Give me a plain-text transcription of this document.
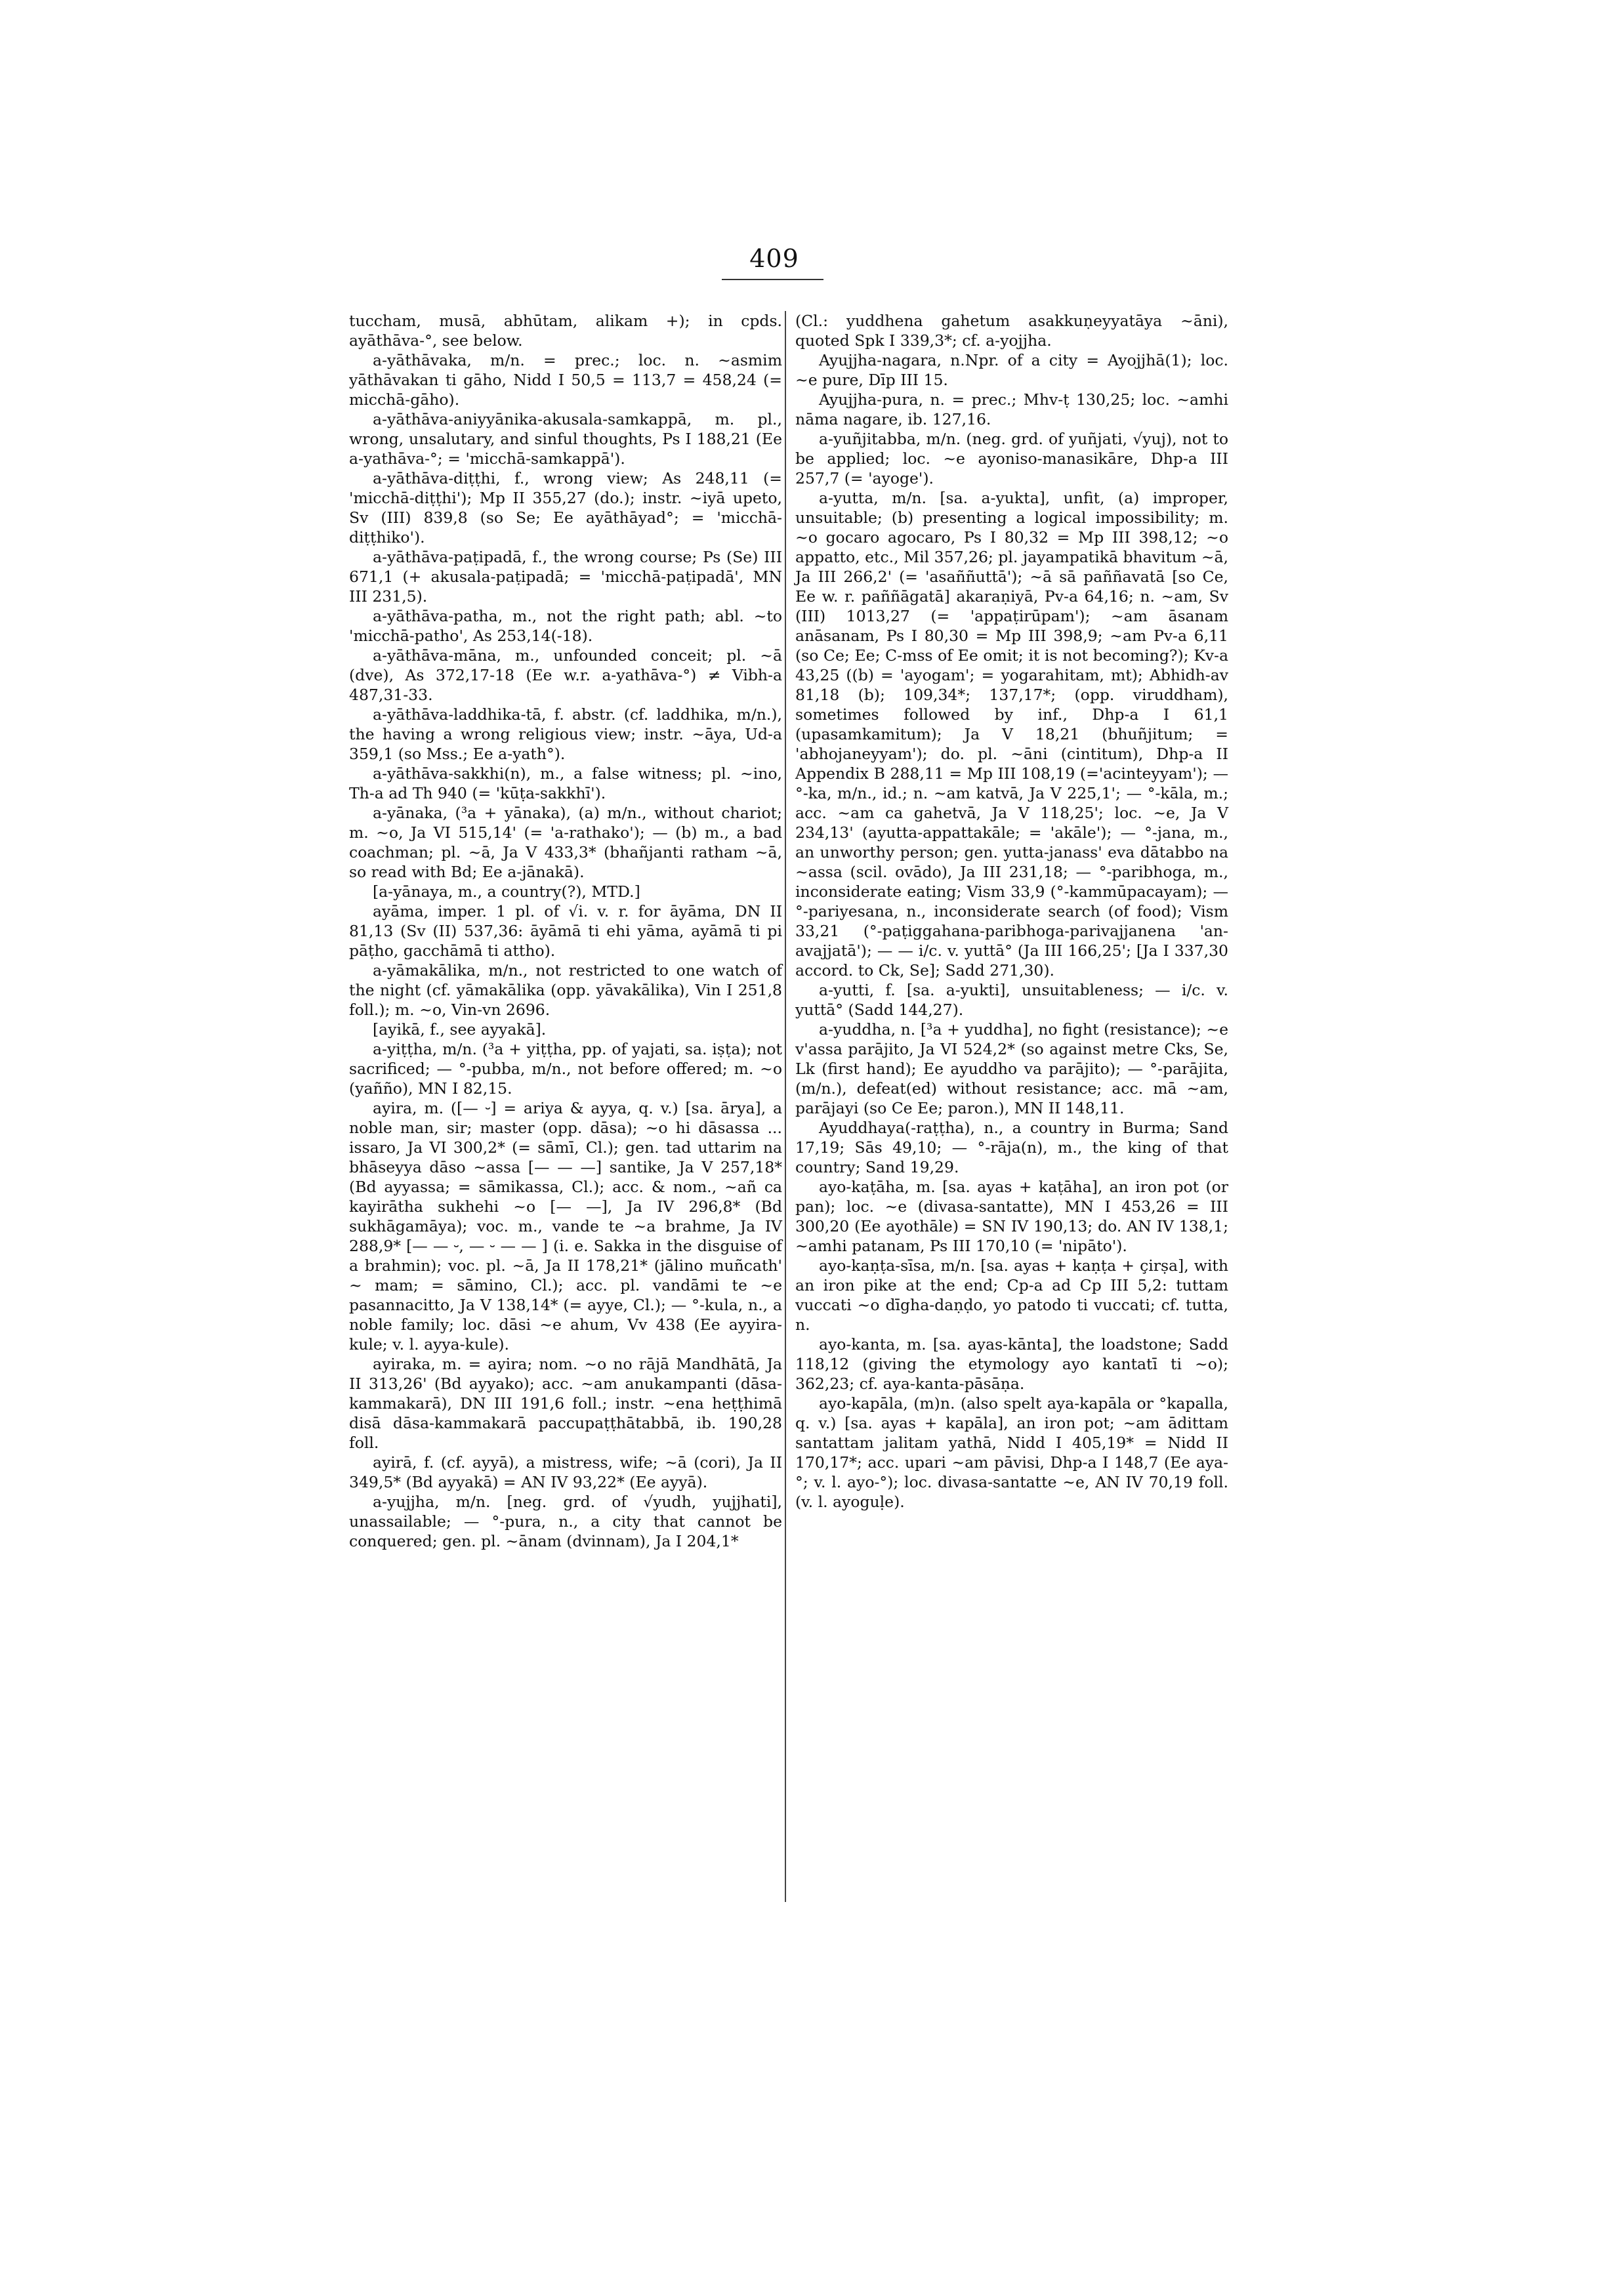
409

tuccham, musā, abhūtam, alikam +); in cpds. ayāthāva-°, see below.

a-yāthāvaka, m/n. = prec.; loc. n. ~asmim yāthāvakan ti gāho, Nidd I 50,5 = 113,7 = 458,24 (= micchā-gāho).

a-yāthāva-aniyyānika-akusala-samkappā, m. pl., wrong, unsalutary, and sinful thoughts, Ps I 188,21 (Ee a-yathāva-°; = 'micchā-samkappā').

a-yāthāva-diṭṭhi, f., wrong view; As 248,11 (= 'micchā-diṭṭhi'); Mp II 355,27 (do.); instr. ~iyā upeto, Sv (III) 839,8 (so Se; Ee ayāthāyad°; = 'micchā-diṭṭhiko').

a-yāthāva-paṭipadā, f., the wrong course; Ps (Se) III 671,1 (+ akusala-paṭipadā; = 'micchā-paṭipadā', MN III 231,5).

a-yāthāva-patha, m., not the right path; abl. ~to 'micchā-patho', As 253,14(-18).

a-yāthāva-māna, m., unfounded conceit; pl. ~ā (dve), As 372,17-18 (Ee w.r. a-yathāva-°) ≠ Vibh-a 487,31-33.

a-yāthāva-laddhika-tā, f. abstr. (cf. laddhika, m/n.), the having a wrong religious view; instr. ~āya, Ud-a 359,1 (so Mss.; Ee a-yath°).

a-yāthāva-sakkhi(n), m., a false witness; pl. ~ino, Th-a ad Th 940 (= 'kūṭa-sakkhī').

a-yānaka, (³a + yānaka), (a) m/n., without chariot; m. ~o, Ja VI 515,14' (= 'a-rathako'); — (b) m., a bad coachman; pl. ~ā, Ja V 433,3* (bhañjanti ratham ~ā, so read with Bd; Ee a-jānakā).

[a-yānaya, m., a country(?), MTD.]

ayāma, imper. 1 pl. of √i. v. r. for āyāma, DN II 81,13 (Sv (II) 537,36: āyāmā ti ehi yāma, ayāmā ti pi pāṭho, gacchāmā ti attho).

a-yāmakālika, m/n., not restricted to one watch of the night (cf. yāmakālika (opp. yāvakālika), Vin I 251,8 foll.); m. ~o, Vin-vn 2696.

[ayikā, f., see ayyakā].

a-yiṭṭha, m/n. (³a + yiṭṭha, pp. of yajati, sa. iṣṭa); not sacrificed; — °-pubba, m/n., not before offered; m. ~o (yañño), MN I 82,15.

ayira, m. ([— ⏑] = ariya & ayya, q. v.) [sa. ārya], a noble man, sir; master (opp. dāsa); ~o hi dāsassa ... issaro, Ja VI 300,2* (= sāmī, Cl.); gen. tad uttarim na bhāseyya dāso ~assa [— — —] santike, Ja V 257,18* (Bd ayyassa; = sāmikassa, Cl.); acc. & nom., ~añ ca kayirātha sukhehi ~o [— —], Ja IV 296,8* (Bd sukhāgamāya); voc. m., vande te ~a brahme, Ja IV 288,9* [— — ⏑, — ⏑ — — ] (i. e. Sakka in the disguise of a brahmin); voc. pl. ~ā, Ja II 178,21* (jālino muñcath' ~ mam; = sāmino, Cl.); acc. pl. vandāmi te ~e pasannacitto, Ja V 138,14* (= ayye, Cl.); — °-kula, n., a noble family; loc. dāsi ~e ahum, Vv 438 (Ee ayyira-kule; v. l. ayya-kule).

ayiraka, m. = ayira; nom. ~o no rājā Mandhātā, Ja II 313,26' (Bd ayyako); acc. ~am anukampanti (dāsa-kammakarā), DN III 191,6 foll.; instr. ~ena heṭṭhimā disā dāsa-kammakarā paccupaṭṭhātabbā, ib. 190,28 foll.

ayirā, f. (cf. ayyā), a mistress, wife; ~ā (cori), Ja II 349,5* (Bd ayyakā) = AN IV 93,22* (Ee ayyā).

a-yujjha, m/n. [neg. grd. of √yudh, yujjhati], unassailable; — °-pura, n., a city that cannot be conquered; gen. pl. ~ānam (dvinnam), Ja I 204,1*

(Cl.: yuddhena gahetum asakkuṇeyyatāya ~āni), quoted Spk I 339,3*; cf. a-yojjha.

Ayujjha-nagara, n.Npr. of a city = Ayojjhā(1); loc. ~e pure, Dīp III 15.

Ayujjha-pura, n. = prec.; Mhv-ṭ 130,25; loc. ~amhi nāma nagare, ib. 127,16.

a-yuñjitabba, m/n. (neg. grd. of yuñjati, √yuj), not to be applied; loc. ~e ayoniso-manasikāre, Dhp-a III 257,7 (= 'ayoge').

a-yutta, m/n. [sa. a-yukta], unfit, (a) improper, unsuitable; (b) presenting a logical impossibility; m. ~o gocaro agocaro, Ps I 80,32 = Mp III 398,12; ~o appatto, etc., Mil 357,26; pl. jayampatikā bhavitum ~ā, Ja III 266,2' (= 'asaññuttā'); ~ā sā paññavatā [so Ce, Ee w. r. paññāgatā] akaraṇiyā, Pv-a 64,16; n. ~am, Sv (III) 1013,27 (= 'appaṭirūpam'); ~am āsanam anāsanam, Ps I 80,30 = Mp III 398,9; ~am Pv-a 6,11 (so Ce; Ee; C-mss of Ee omit; it is not becoming?); Kv-a 43,25 ((b) = 'ayogam'; = yogarahitam, mt); Abhidh-av 81,18 (b); 109,34*; 137,17*; (opp. viruddham), sometimes followed by inf., Dhp-a I 61,1 (upasamkamitum); Ja V 18,21 (bhuñjitum; = 'abhojaneyyam'); do. pl. ~āni (cintitum), Dhp-a II Appendix B 288,11 = Mp III 108,19 (='acinteyyam'); — °-ka, m/n., id.; n. ~am katvā, Ja V 225,1'; — °-kāla, m.; acc. ~am ca gahetvā, Ja V 118,25'; loc. ~e, Ja V 234,13' (ayutta-appattakāle; = 'akāle'); — °-jana, m., an unworthy person; gen. yutta-janass' eva dātabbo na ~assa (scil. ovādo), Ja III 231,18; — °-paribhoga, m., inconsiderate eating; Vism 33,9 (°-kammūpacayam); — °-pariyesana, n., inconsiderate search (of food); Vism 33,21 (°-paṭiggahana-paribhoga-parivajjanena 'an-avajjatā'); — — i/c. v. yuttā° (Ja III 166,25'; [Ja I 337,30 accord. to Ck, Se]; Sadd 271,30).

a-yutti, f. [sa. a-yukti], unsuitableness; — i/c. v. yuttā° (Sadd 144,27).

a-yuddha, n. [³a + yuddha], no fight (resistance); ~e v'assa parājito, Ja VI 524,2* (so against metre Cks, Se, Lk (first hand); Ee ayuddho va parājito); — °-parājita, (m/n.), defeat(ed) without resistance; acc. mā ~am, parājayi (so Ce Ee; paron.), MN II 148,11.

Ayuddhaya(-raṭṭha), n., a country in Burma; Sand 17,19; Sās 49,10; — °-rāja(n), m., the king of that country; Sand 19,29.

ayo-kaṭāha, m. [sa. ayas + kaṭāha], an iron pot (or pan); loc. ~e (divasa-santatte), MN I 453,26 = III 300,20 (Ee ayothāle) = SN IV 190,13; do. AN IV 138,1; ~amhi patanam, Ps III 170,10 (= 'nipāto').

ayo-kaṇṭa-sīsa, m/n. [sa. ayas + kaṇṭa + çirṣa], with an iron pike at the end; Cp-a ad Cp III 5,2: tuttam vuccati ~o dīgha-daṇḍo, yo patodo ti vuccati; cf. tutta, n.

ayo-kanta, m. [sa. ayas-kānta], the loadstone; Sadd 118,12 (giving the etymology ayo kantatī ti ~o); 362,23; cf. aya-kanta-pāsāṇa.

ayo-kapāla, (m)n. (also spelt aya-kapāla or °kapalla, q. v.) [sa. ayas + kapāla], an iron pot; ~am ādittam santattam jalitam yathā, Nidd I 405,19* = Nidd II 170,17*; acc. upari ~am pāvisi, Dhp-a I 148,7 (Ee aya-°; v. l. ayo-°); loc. divasa-santatte ~e, AN IV 70,19 foll. (v. l. ayoguḷe).
